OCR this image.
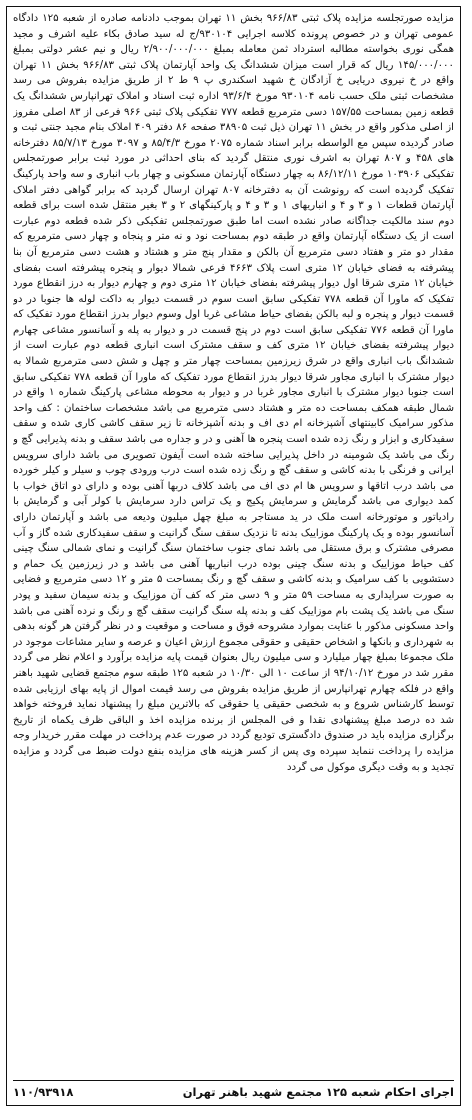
مزایده صورتجلسه مزایده پلاک ثبتی ۹۶۶/۸۳ بخش ۱۱ تهران بموجب دادنامه صادره از شعبه ۱۲۵ دادگاه عمومی تهران و در خصوص پرونده کلاسه اجرایی ۹۳۰۱۰۴/ج له سید صادق بکاء علیه اشرف و مجید همگی نوری بخواسته مطالبه استرداد ثمن معامله بمبلغ ۲/۹۰۰/۰۰۰/۰۰۰ ریال و نیم عشر دولتی بمبلغ ۱۴۵/۰۰۰/۰۰۰ ریال که قرار است میزان ششدانگ یک واحد آپارتمان پلاک ثبتی ۹۶۶/۸۳ بخش ۱۱ تهران واقع در خ نیروی دریایی خ آزادگان خ شهید اسکندری پ ۹ ط ۲ از طریق مزایده بفروش می رسد مشخصات ثبتی ملک حسب نامه ۹۳۰۱۰۴ مورخ ۹۳/۶/۴ اداره ثبت اسناد و املاک تهرانپارس ششدانگ یک قطعه زمین بمساحت ۱۵۷/۵۵ دسی مترمربع قطعه ۷۷۷ تفکیکی پلاک ثبتی ۹۶۶ فرعی از ۸۳ اصلی مفروز از اصلی مذکور واقع در بخش ۱۱ تهران ذیل ثبت ۳۸۹۰۵ صفحه ۸۶ دفتر ۴۰۹ املاک بنام مجید جنتی ثبت و صادر گردیده سپس مع الواسطه برابر اسناد شماره ۲۰۷۵ مورخ ۸۵/۴/۳ و ۳۰۹۷ مورخ ۸۵/۷/۱۳ دفترخانه های ۴۵۸ و ۸۰۷ تهران به اشرف نوری منتقل گردید که بنای احداثی در مورد ثبت برابر صورتمجلس تفکیکی ۱۰۳۹۰۶ مورخ ۸۶/۱۲/۱۱ به چهار دستگاه آپارتمان مسکونی و چهار باب انباری و سه واحد پارکینگ تفکیک گردیده است که رونوشت آن به دفترخانه ۸۰۷ تهران ارسال گردید که برابر گواهی دفتر املاک آپارتمان قطعات ۱ و ۳ و ۴ و انباریهای ۱ و ۳ و ۴ و پارکینگهای ۲ و ۳ بغیر منتقل شده است برای قطعه دوم سند مالکیت جداگانه صادر نشده است اما طبق صورتمجلس تفکیکی ذکر شده قطعه دوم عبارت است از یک دستگاه آپارتمان واقع در طبقه دوم بمساحت نود و نه متر و پنجاه و چهار دسی مترمربع که مقدار دو متر و هفتاد دسی مترمربع آن بالکن و مقدار پنج متر و هشتاد و هشت دسی مترمربع آن بنا پیشرفته به فضای خیابان ۱۲ متری است پلاک ۴۶۶۳ فرعی شمالا دیوار و پنجره پیشرفته است بفضای خیابان ۱۲ متری شرقا اول دیوار پیشرفته بفضای خیابان ۱۲ متری دوم و چهارم دیوار به درز انقطاع مورد تفکیک که ماورا آن قطعه ۷۷۸ تفکیکی سابق است سوم در قسمت دیوار به داکت لوله ها جنوبا در دو قسمت دیوار و پنجره و لبه بالکن بفضای حیاط مشاعی غربا اول وسوم دیوار بدرز انقطاع مورد تفکیک که ماورا آن قطعه ۷۷۶ تفکیکی سابق است دوم در پنج قسمت در و دیوار به پله و آسانسور مشاعی چهارم دیوار پیشرفته بفضای خیابان ۱۲ متری کف و سقف مشترک است انباری قطعه دوم عبارت است از ششدانگ باب انباری واقع در شرق زیرزمین بمساحت چهار متر و چهل و شش دسی مترمربع شمالا به دیوار مشترک با انباری مجاور شرقا دیوار بدرز انقطاع مورد تفکیک که ماورا آن قطعه ۷۷۸ تفکیکی سابق است جنوبا دیوار مشترک با انباری مجاور غربا در و دیوار به محوطه مشاعی پارکینگ شماره ۱ واقع در شمال طبقه همکف بمساحت ده متر و هشتاد دسی مترمربع می باشد مشخصات ساختمان : کف واحد مذکور سرامیک کابینتهای آشپزخانه ام دی اف و بدنه آشپزخانه تا زیر سقف کاشی کاری شده و سقف سفیدکاری و ابزار و رنگ زده شده است پنجره ها آهنی و در و جداره می باشد سقف و بدنه پذیرایی گچ و رنگ می باشد یک شومینه در داخل پذیرایی ساخته شده است آیفون تصویری می باشد دارای سرویس ایرانی و فرنگی با بدنه کاشی و سقف گچ و رنگ زده شده است درب ورودی چوب و سیلر و کیلر خورده می باشد درب اتاقها و سرویس ها ام دی اف می باشد کلاف دربها آهنی بوده و دارای دو اتاق خواب با کمد دیواری می باشد گرمایش و سرمایش پکیج و یک تراس دارد سرمایش با کولر آبی و گرمایش با رادیاتور و موتورخانه است ملک در ید مستاجر به مبلغ چهل میلیون ودیعه می باشد و آپارتمان دارای آسانسور بوده و یک پارکینگ موزاییک بدنه تا نزدیک سقف سنگ گرانیت و سقف سفیدکاری شده گاز و آب مصرفی مشترک و برق مستقل می باشد نمای جنوب ساختمان سنگ گرانیت و نمای شمالی سنگ چینی کف حیاط موزاییک و بدنه سنگ چینی بوده درب انباریها آهنی می باشد و در زیرزمین یک حمام و دستشویی با کف سرامیک و بدنه کاشی و سقف گچ و رنگ بمساحت ۵ متر و ۱۲ دسی مترمربع و فضایی به صورت سرایداری به مساحت ۵۹ متر و ۹ دسی متر که کف آن موزاییک و بدنه سیمان سفید و پودر سنگ می باشد یک پشت بام موزاییک کف و بدنه پله سنگ گرانیت سقف گچ و رنگ و نرده آهنی می باشد واحد مسکونی مذکور با عنایت بموارد مشروحه فوق و مساحت و موقعیت و در نظر گرفتن هر گونه بدهی به شهرداری و بانکها و اشخاص حقیقی و حقوقی مجموع ارزش اعیان و عرصه و سایر مشاعات موجود در ملک مجموعا بمبلغ چهار میلیارد و سی میلیون ریال بعنوان قیمت پایه مزایده برآورد و اعلام نظر می گردد مقرر شد در مورخ ۹۴/۱۰/۱۲ از ساعت ۱۰ الی ۱۰/۳۰ در شعبه ۱۲۵ طبقه سوم مجتمع قضایی شهید باهنر واقع در فلکه چهارم تهرانپارس از طریق مزایده بفروش می رسد قیمت اموال از پایه بهای ارزیابی شده توسط کارشناس شروع و به شخصی حقیقی یا حقوقی که بالاترین مبلغ را پیشنهاد نماید فروخته خواهد شد ده درصد مبلغ پیشنهادی نقدا و فی المجلس از برنده مزایده اخذ و الباقی ظرف یکماه از تاریخ برگزاری مزایده باید در صندوق دادگستری تودیع گردد در صورت عدم پرداخت در مهلت مقرر خریدار وجه مزایده را پرداخت ننماید سپرده وی پس از کسر هزینه های مزایده بنفع دولت ضبط می گردد و مزایده تجدید و به وقت دیگری موکول می گردد

اجرای احکام شعبه ۱۲۵ مجتمع شهید باهنر تهران
۱۱۰/۹۳۹۱۸
